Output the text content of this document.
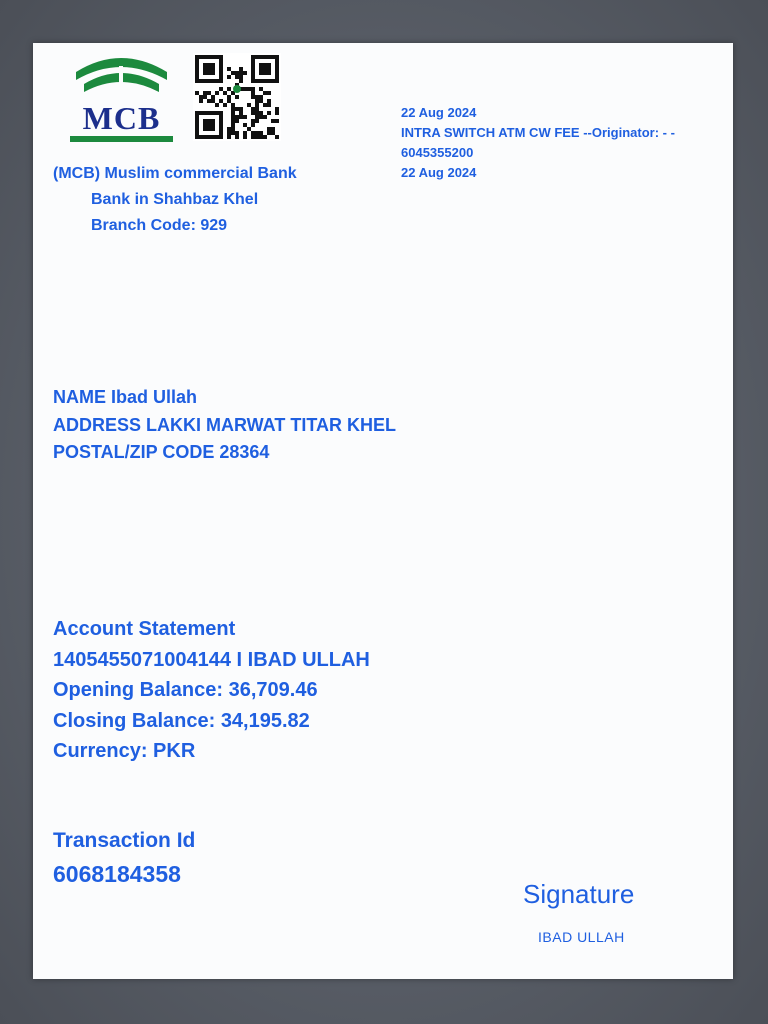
MCB	22 Aug 2024
INTRA SWITCH ATM CW FEE --Originator: - -
6045355200
22 Aug 2024
(MCB) Muslim commercial Bank
Bank in Shahbaz Khel
Branch Code: 929
NAME Ibad Ullah
ADDRESS LAKKI MARWAT TITAR KHEL
POSTAL/ZIP CODE 28364
Account Statement
1405455071004144 I IBAD ULLAH
Opening Balance: 36,709.46
Closing Balance: 34,195.82
Currency: PKR
Transaction Id
6068184358
Signature
IBAD ULLAH
